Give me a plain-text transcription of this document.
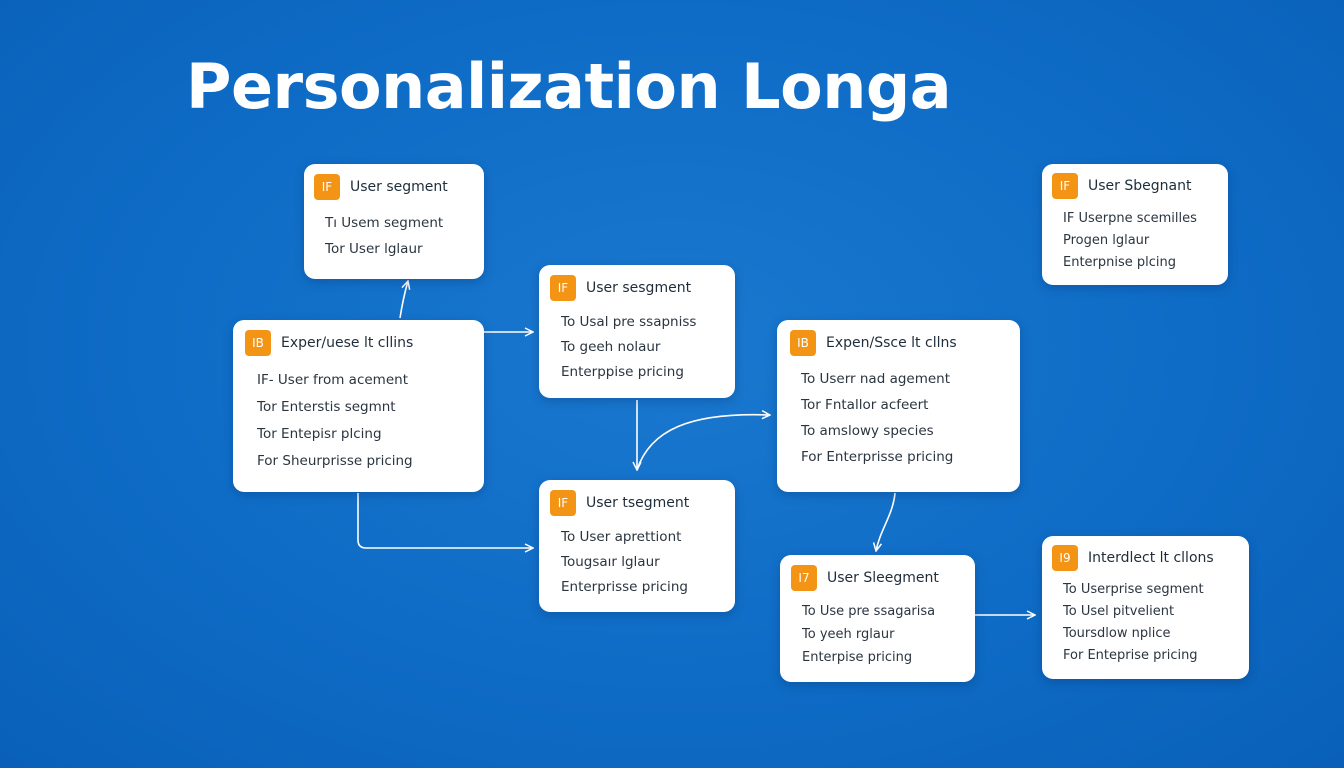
Personalization Longa
IF	User segment
Tı Usem segment
Tor User lglaur
IB	Exper/uese lt cllins
IF- User from acement
Tor Enterstis segmnt
Tor Entepisr plcing
For Sheurprisse pricing
IF	User sesgment
To Usal pre ssapniss
To geeh nolaur
Enterppise pricing
IF	User tsegment
To User aprettiont
Tougsaır lglaur
Enterprisse pricing
IB	Expen/Ssce lt cllns
To Userr nad agement
Tor Fntallor acfeert
To amslowy species
For Enterprisse pricing
IF	User Sbegnant
IF Userpne scemilles
Progen lglaur
Enterpnise plcing
I7	User Sleegment
To Use pre ssagarisa
To yeeh rglaur
Enterpise pricing
I9	Interdlect lt cllons
To Userprise segment
To Usel pitvelient
Toursdlow nplice
For Enteprise pricing
